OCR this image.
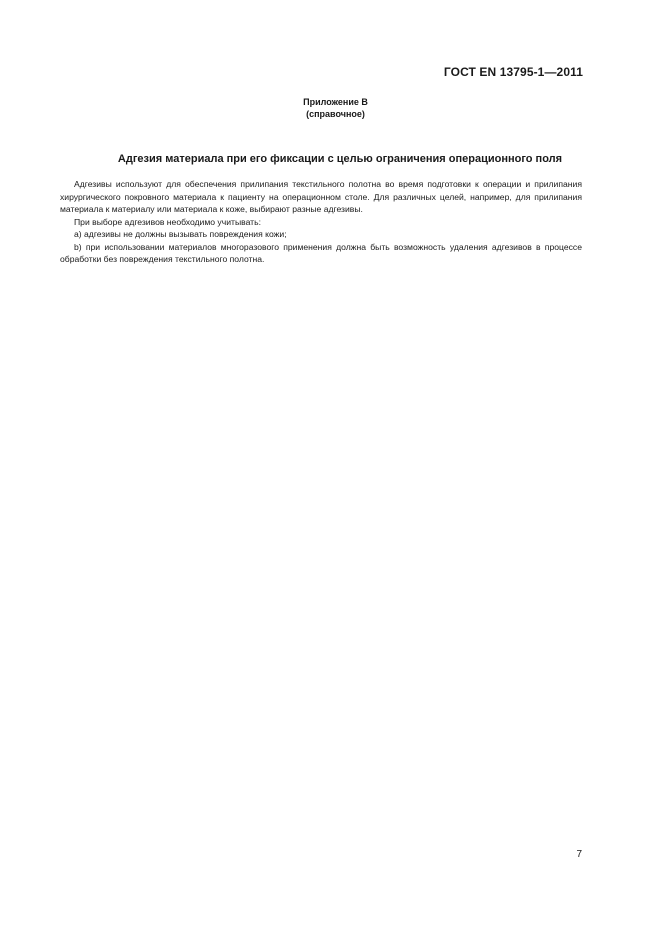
ГОСТ EN 13795-1—2011
Приложение В
(справочное)
Адгезия материала при его фиксации с целью ограничения операционного поля

Адгезивы используют для обеспечения прилипания текстильного полотна во время подготовки к операции и прилипания хирургического покровного материала к пациенту на операционном столе. Для различных целей, например, для прилипания материала к материалу или материала к коже, выбирают разные адгезивы.

При выборе адгезивов необходимо учитывать:

a) адгезивы не должны вызывать повреждения кожи;

b) при использовании материалов многоразового применения должна быть возможность удаления адгезивов в процессе обработки без повреждения текстильного полотна.

7
